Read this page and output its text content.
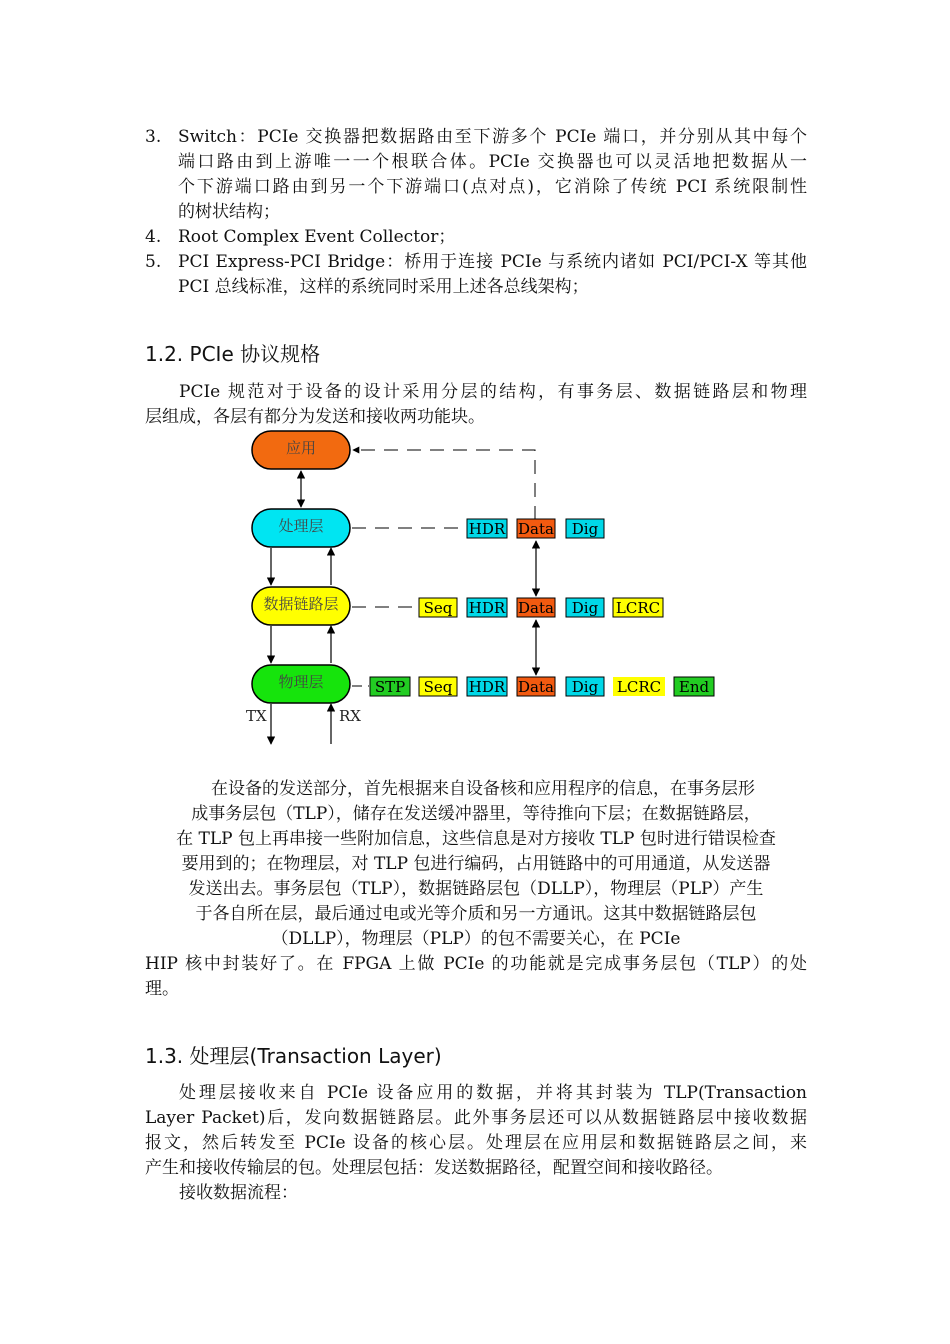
3. Switch：PCIe 交换器把数据路由至下游多个 PCIe 端口，并分别从其中每个
端口路由到上游唯一一个根联合体。PCIe 交换器也可以灵活地把数据从一
个下游端口路由到另一个下游端口(点对点)，它消除了传统 PCI 系统限制性
的树状结构；
4. Root Complex Event Collector；
5. PCI Express-PCI Bridge：桥用于连接 PCIe 与系统内诸如 PCI/PCI-X 等其他
PCI 总线标准，这样的系统同时采用上述各总线架构；
1.2. PCIe 协议规格
PCIe 规范对于设备的设计采用分层的结构，有事务层、数据链路层和物理
层组成，各层有都分为发送和接收两功能块。
应用
处理层
数据链路层
物理层
TX	RX
HDR Data Dig
Seq HDR Data Dig LCRC
STP Seq HDR Data Dig LCRC End
在设备的发送部分，首先根据来自设备核和应用程序的信息，在事务层形
成事务层包（TLP），储存在发送缓冲器里，等待推向下层；在数据链路层，
在 TLP 包上再串接一些附加信息，这些信息是对方接收 TLP 包时进行错误检查
要用到的；在物理层，对 TLP 包进行编码，占用链路中的可用通道，从发送器
发送出去。事务层包（TLP），数据链路层包（DLLP），物理层（PLP）产生
于各自所在层，最后通过电或光等介质和另一方通讯。这其中数据链路层包
（DLLP），物理层（PLP）的包不需要关心，在 PCIe
HIP 核中封装好了。在 FPGA 上做 PCIe 的功能就是完成事务层包（TLP）的处
理。
1.3. 处理层(Transaction Layer)
处理层接收来自 PCIe 设备应用的数据，并将其封装为 TLP(Transaction
Layer Packet)后，发向数据链路层。此外事务层还可以从数据链路层中接收数据
报文，然后转发至 PCIe 设备的核心层。处理层在应用层和数据链路层之间，来
产生和接收传输层的包。处理层包括：发送数据路径，配置空间和接收路径。
接收数据流程：
